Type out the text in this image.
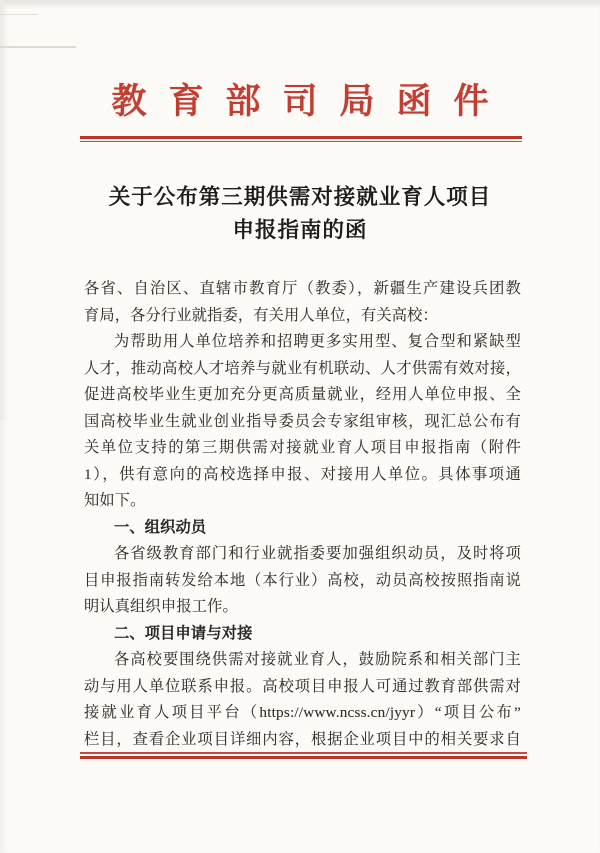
教育部司局函件
关于公布第三期供需对接就业育人项目
申报指南的函

各省、自治区、直辖市教育厅（教委），新疆生产建设兵团教

育局，各分行业就指委，有关用人单位，有关高校：

为帮助用人单位培养和招聘更多实用型、复合型和紧缺型

人才，推动高校人才培养与就业有机联动、人才供需有效对接，

促进高校毕业生更加充分更高质量就业，经用人单位申报、全

国高校毕业生就业创业指导委员会专家组审核，现汇总公布有

关单位支持的第三期供需对接就业育人项目申报指南（附件

1），供有意向的高校选择申报、对接用人单位。具体事项通

知如下。

一、组织动员

各省级教育部门和行业就指委要加强组织动员，及时将项

目申报指南转发给本地（本行业）高校，动员高校按照指南说

明认真组织申报工作。

二、项目申请与对接

各高校要围绕供需对接就业育人，鼓励院系和相关部门主

动与用人单位联系申报。高校项目申报人可通过教育部供需对

接就业育人项目平台（https://www.ncss.cn/jyyr）“项目公布”

栏目，查看企业项目详细内容，根据企业项目中的相关要求自
